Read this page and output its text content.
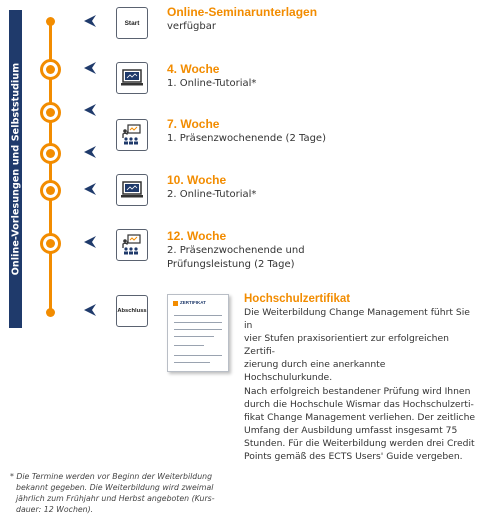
Online-Vorlesungen und Selbststudium
Start
Abschluss
Online-Seminarunterlagen
verfügbar
4. Woche
1. Online-Tutorial*
7. Woche
1. Präsenzwochenende (2 Tage)
10. Woche
2. Online-Tutorial*
12. Woche
2. Präsenzwochenende und
Prüfungsleistung (2 Tage)
ZERTIFIKAT	Hochschulzertifikat
Die Weiterbildung Change Management führt Sie in
vier Stufen praxisorientiert zur erfolgreichen Zertifi-
zierung durch eine anerkannte Hochschulurkunde.
Nach erfolgreich bestandener Prüfung wird Ihnen
durch die Hochschule Wismar das Hochschulzerti-
fikat Change Management verliehen. Der zeitliche
Umfang der Ausbildung umfasst insgesamt 75
Stunden. Für die Weiterbildung werden drei Credit
Points gemäß des ECTS Users' Guide vergeben.
* Die Termine werden vor Beginn der Weiterbildung
bekannt gegeben. Die Weiterbildung wird zweimal
jährlich zum Frühjahr und Herbst angeboten (Kurs-
dauer: 12 Wochen).
